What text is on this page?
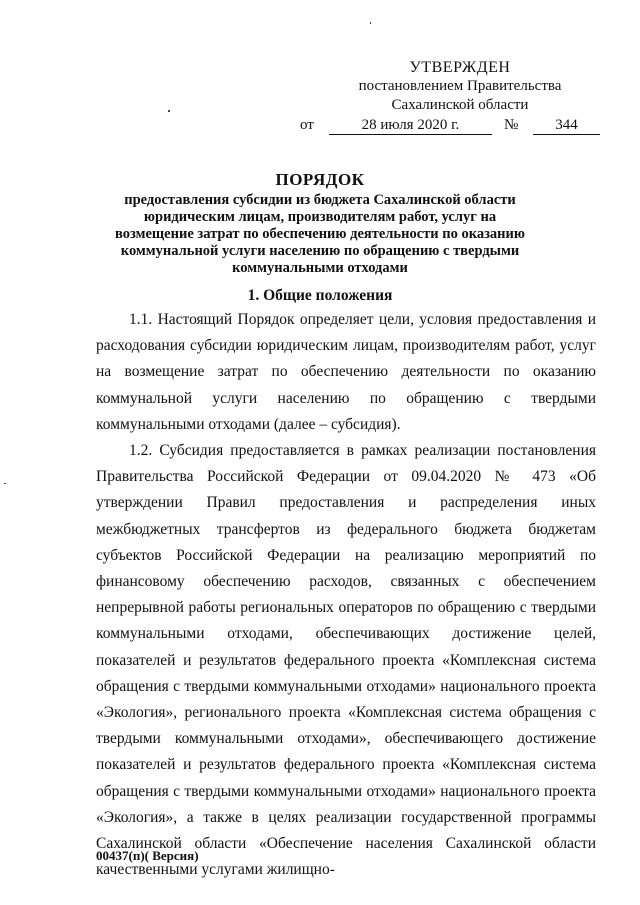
УТВЕРЖДЕН
постановлением Правительства
Сахалинской области
от	28 июля 2020 г.	№	344
ПОРЯДОК
предоставления субсидии из бюджета Сахалинской области юридическим лицам, производителям работ, услуг на возмещение затрат по обеспечению деятельности по оказанию коммунальной услуги населению по обращению с твердыми коммунальными отходами
1. Общие положения

1.1. Настоящий Порядок определяет цели, условия предоставления и расходования субсидии юридическим лицам, производителям работ, услуг на возмещение затрат по обеспечению деятельности по оказанию коммунальной услуги населению по обращению с твердыми коммунальными отходами (далее – субсидия).

1.2. Субсидия предоставляется в рамках реализации постановления Правительства Российской Федерации от 09.04.2020 № 473 «Об утверждении Правил предоставления и распределения иных межбюджетных трансфертов из федерального бюджета бюджетам субъектов Российской Федерации на реализацию мероприятий по финансовому обеспечению расходов, связанных с обеспечением непрерывной работы региональных операторов по обращению с твердыми коммунальными отходами, обеспечивающих достижение целей, показателей и результатов федерального проекта «Комплексная система обращения с твердыми коммунальными отходами» национального проекта «Экология», регионального проекта «Комплексная система обращения с твердыми коммунальными отходами», обеспечивающего достижение показателей и результатов федерального проекта «Комплексная система обращения с твердыми коммунальными отходами» национального проекта «Экология», а также в целях реализации государственной программы Сахалинской области «Обеспечение населения Сахалинской области качественными услугами жилищно-

00437(п)( Версия)
